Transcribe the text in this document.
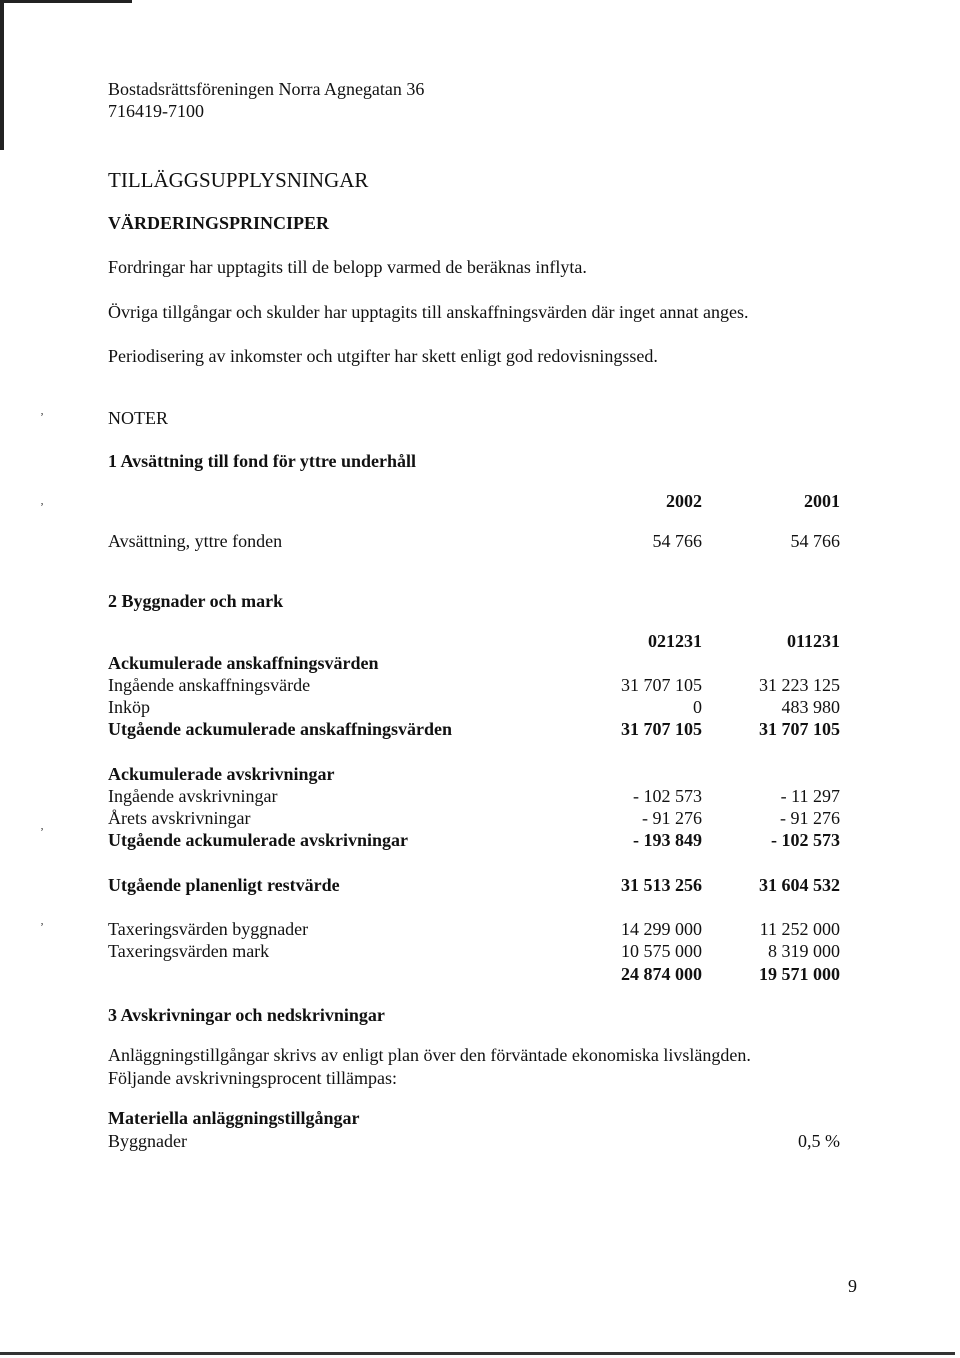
ʼ
ʼ
ʼ
ʼ
Bostadsrättsföreningen Norra Agnegatan 36
716419-7100
TILLÄGGSUPPLYSNINGAR
VÄRDERINGSPRINCIPER
Fordringar har upptagits till de belopp varmed de beräknas inflyta.
Övriga tillgångar och skulder har upptagits till anskaffningsvärden där inget annat anges.
Periodisering av inkomster och utgifter har skett enligt god redovisningssed.
NOTER
1 Avsättning till fond för yttre underhåll
2002	2001
Avsättning, yttre fonden	54 766	54 766
2 Byggnader och mark
021231	011231
Ackumulerade anskaffningsvärden
Ingående anskaffningsvärde	31 707 105	31 223 125
Inköp	0	483 980
Utgående ackumulerade anskaffningsvärden	31 707 105	31 707 105
Ackumulerade avskrivningar
Ingående avskrivningar	- 102 573	- 11 297
Årets avskrivningar	- 91 276	- 91 276
Utgående ackumulerade avskrivningar	- 193 849	- 102 573
Utgående planenligt restvärde	31 513 256	31 604 532
Taxeringsvärden byggnader	14 299 000	11 252 000
Taxeringsvärden mark	10 575 000	8 319 000
24 874 000	19 571 000
3 Avskrivningar och nedskrivningar
Anläggningstillgångar skrivs av enligt plan över den förväntade ekonomiska livslängden.
Följande avskrivningsprocent tillämpas:
Materiella anläggningstillgångar
Byggnader	0,5 %
9
